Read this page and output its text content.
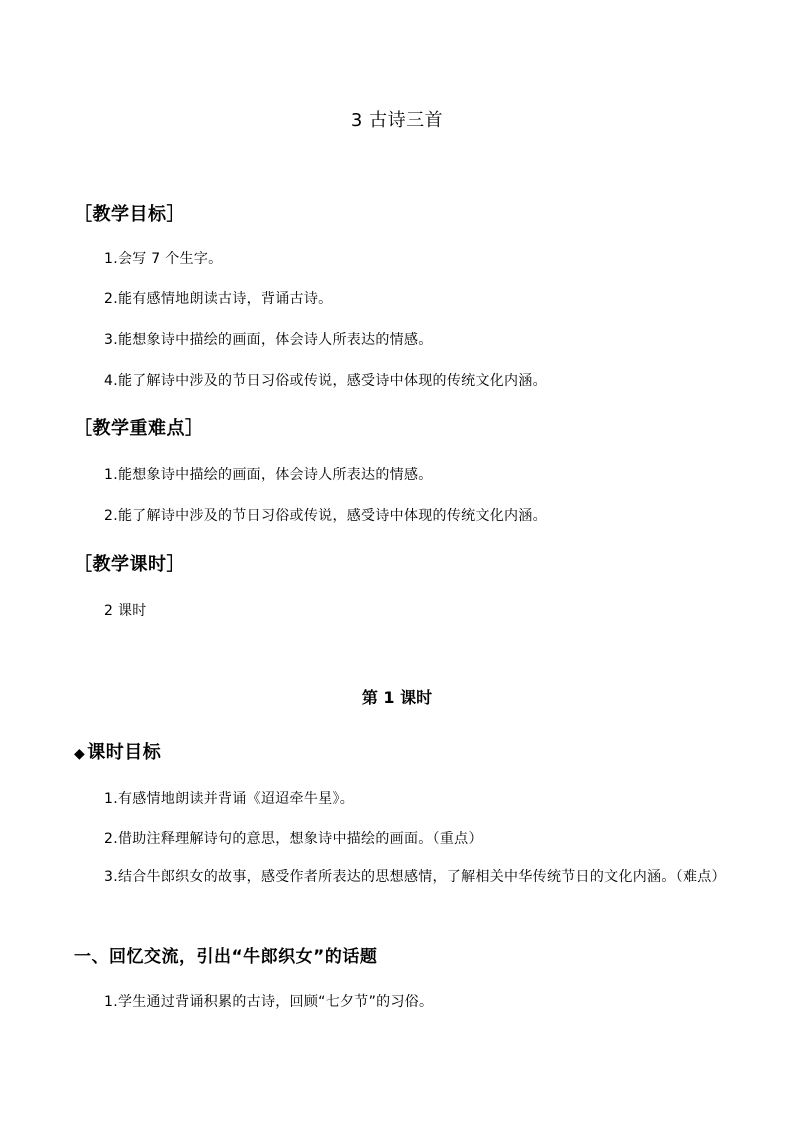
3 古诗三首
［教学目标］
1.会写 7 个生字。
2.能有感情地朗读古诗，背诵古诗。
3.能想象诗中描绘的画面，体会诗人所表达的情感。
4.能了解诗中涉及的节日习俗或传说，感受诗中体现的传统文化内涵。
［教学重难点］
1.能想象诗中描绘的画面，体会诗人所表达的情感。
2.能了解诗中涉及的节日习俗或传说，感受诗中体现的传统文化内涵。
［教学课时］
2 课时
第 1 课时
◆ 课时目标
1.有感情地朗读并背诵《迢迢牵牛星》。
2.借助注释理解诗句的意思，想象诗中描绘的画面。（重点）
3.结合牛郎织女的故事，感受作者所表达的思想感情，了解相关中华传统节日的文化内涵。（难点）
一、回忆交流，引出“牛郎织女”的话题
1.学生通过背诵积累的古诗，回顾“七夕节”的习俗。
